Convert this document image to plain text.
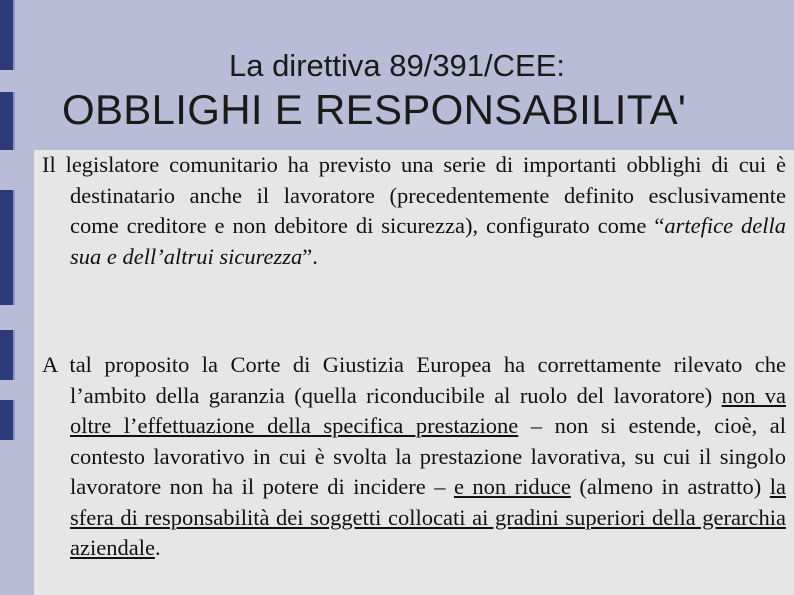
La direttiva 89/391/CEE:
OBBLIGHI E RESPONSABILITA'
Il legislatore comunitario ha previsto una serie di importanti obblighi di cui è destinatario anche il lavoratore (precedentemente definito esclusivamente come creditore e non debitore di sicurezza), configurato come “artefice della sua e dell’altrui sicurezza”.
A tal proposito la Corte di Giustizia Europea ha correttamente rilevato che l’ambito della garanzia (quella riconducibile al ruolo del lavoratore) non va oltre l’effettuazione della specifica prestazione – non si estende, cioè, al contesto lavorativo in cui è svolta la prestazione lavorativa, su cui il singolo lavoratore non ha il potere di incidere – e non riduce (almeno in astratto) la sfera di responsabilità dei soggetti collocati ai gradini superiori della gerarchia aziendale.
